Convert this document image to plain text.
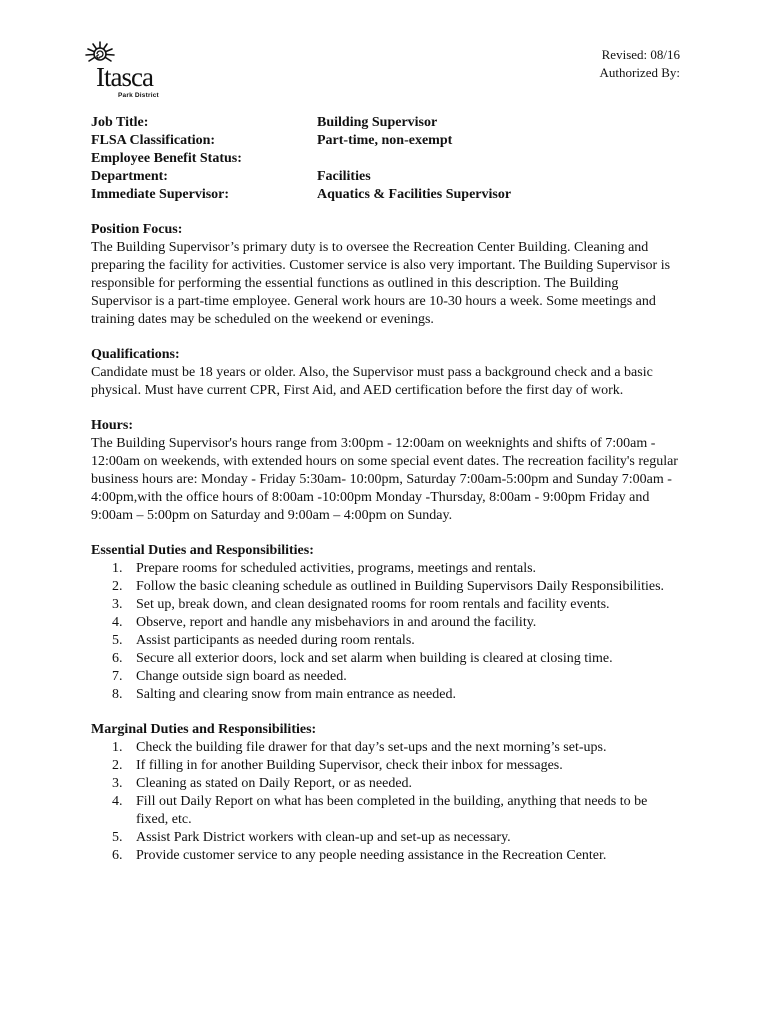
Itasca
Park District
Revised: 08/16
Authorized By:
Job Title:	Building Supervisor
FLSA Classification:	Part-time, non-exempt
Employee Benefit Status:
Department:	Facilities
Immediate Supervisor:	Aquatics & Facilities Supervisor
Position Focus:

The Building Supervisor’s primary duty is to oversee the Recreation Center Building. Cleaning and preparing the facility for activities. Customer service is also very important. The Building Supervisor is responsible for performing the essential functions as outlined in this description. The Building Supervisor is a part-time employee. General work hours are 10-30 hours a week. Some meetings and training dates may be scheduled on the weekend or evenings.

Qualifications:

Candidate must be 18 years or older. Also, the Supervisor must pass a background check and a basic physical. Must have current CPR, First Aid, and AED certification before the first day of work.

Hours:

The Building Supervisor's hours range from 3:00pm - 12:00am on weeknights and shifts of 7:00am - 12:00am on weekends, with extended hours on some special event dates. The recreation facility's regular business hours are: Monday - Friday 5:30am- 10:00pm, Saturday 7:00am-5:00pm and Sunday 7:00am - 4:00pm,with the office hours of 8:00am -10:00pm Monday -Thursday, 8:00am - 9:00pm Friday and 9:00am – 5:00pm on Saturday and 9:00am – 4:00pm on Sunday.

Essential Duties and Responsibilities:
1. Prepare rooms for scheduled activities, programs, meetings and rentals.
2. Follow the basic cleaning schedule as outlined in Building Supervisors Daily Responsibilities.
3. Set up, break down, and clean designated rooms for room rentals and facility events.
4. Observe, report and handle any misbehaviors in and around the facility.
5. Assist participants as needed during room rentals.
6. Secure all exterior doors, lock and set alarm when building is cleared at closing time.
7. Change outside sign board as needed.
8. Salting and clearing snow from main entrance as needed.
Marginal Duties and Responsibilities:
1. Check the building file drawer for that day’s set-ups and the next morning’s set-ups.
2. If filling in for another Building Supervisor, check their inbox for messages.
3. Cleaning as stated on Daily Report, or as needed.
4. Fill out Daily Report on what has been completed in the building, anything that needs to be fixed, etc.
5. Assist Park District workers with clean-up and set-up as necessary.
6. Provide customer service to any people needing assistance in the Recreation Center.
